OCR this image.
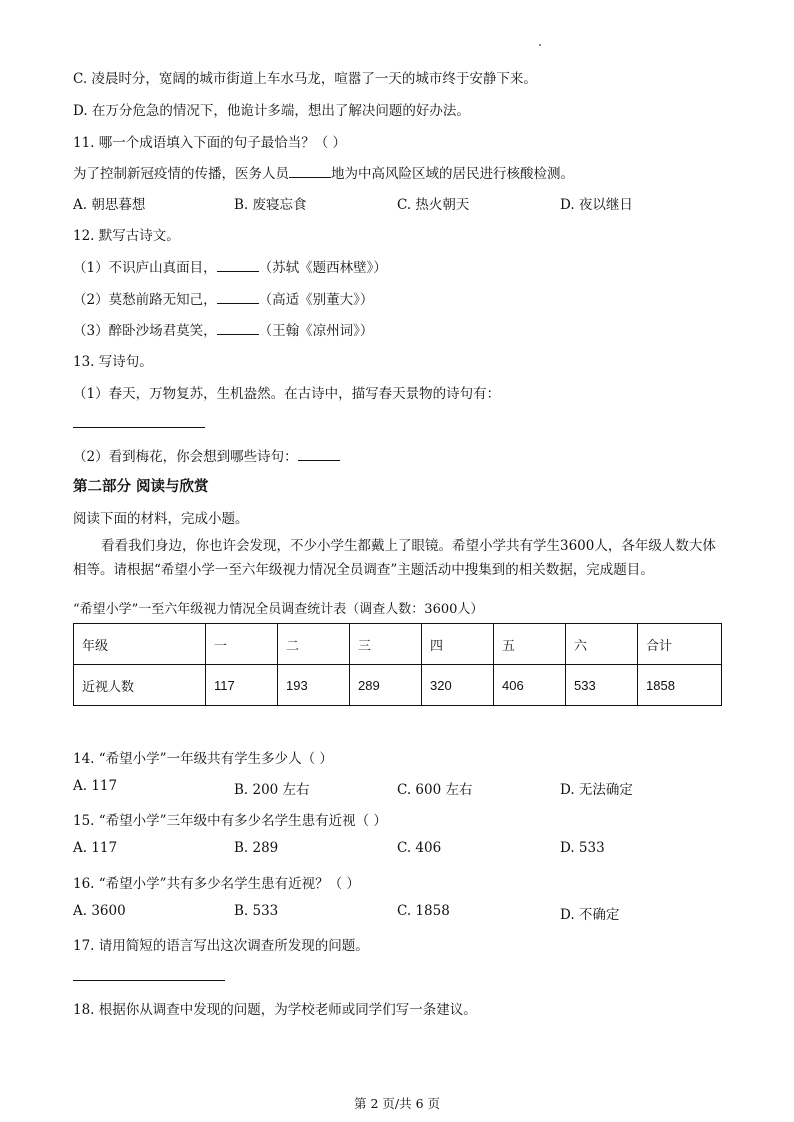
C. 凌晨时分，宽阔的城市街道上车水马龙，喧嚣了一天的城市终于安静下来。
D. 在万分危急的情况下，他诡计多端，想出了解决问题的好办法。
11. 哪一个成语填入下面的句子最恰当？（ ）
为了控制新冠疫情的传播，医务人员	地为中高风险区域的居民进行核酸检测。
A. 朝思暮想	B. 废寝忘食	C. 热火朝天	D. 夜以继日
12. 默写古诗文。
（1）不识庐山真面目，	（苏轼《题西林壁》）
（2）莫愁前路无知己，	（高适《别董大》）
（3）醉卧沙场君莫笑，	（王翰《凉州词》）
13. 写诗句。
（1）春天，万物复苏，生机盎然。在古诗中，描写春天景物的诗句有：
（2）看到梅花，你会想到哪些诗句：
第二部分 阅读与欣赏
阅读下面的材料，完成小题。
看看我们身边，你也许会发现，不少小学生都戴上了眼镜。希望小学共有学生3600人，各年级人数大体相等。请根据“希望小学一至六年级视力情况全员调查”主题活动中搜集到的相关数据，完成题目。
“希望小学”一至六年级视力情况全员调查统计表（调查人数：3600人）
年级	一	二	三	四	五	六	合计
近视人数	117	193	289	320	406	533	1858
14. “希望小学”一年级共有学生多少人（ ）
A. 117	B. 200 左右	C. 600 左右	D. 无法确定
15. “希望小学”三年级中有多少名学生患有近视（ ）
A. 117	B. 289	C. 406	D. 533
16. “希望小学”共有多少名学生患有近视？（ ）
A. 3600	B. 533	C. 1858	D. 不确定
17. 请用简短的语言写出这次调查所发现的问题。
18. 根据你从调查中发现的问题，为学校老师或同学们写一条建议。
第 2 页/共 6 页
